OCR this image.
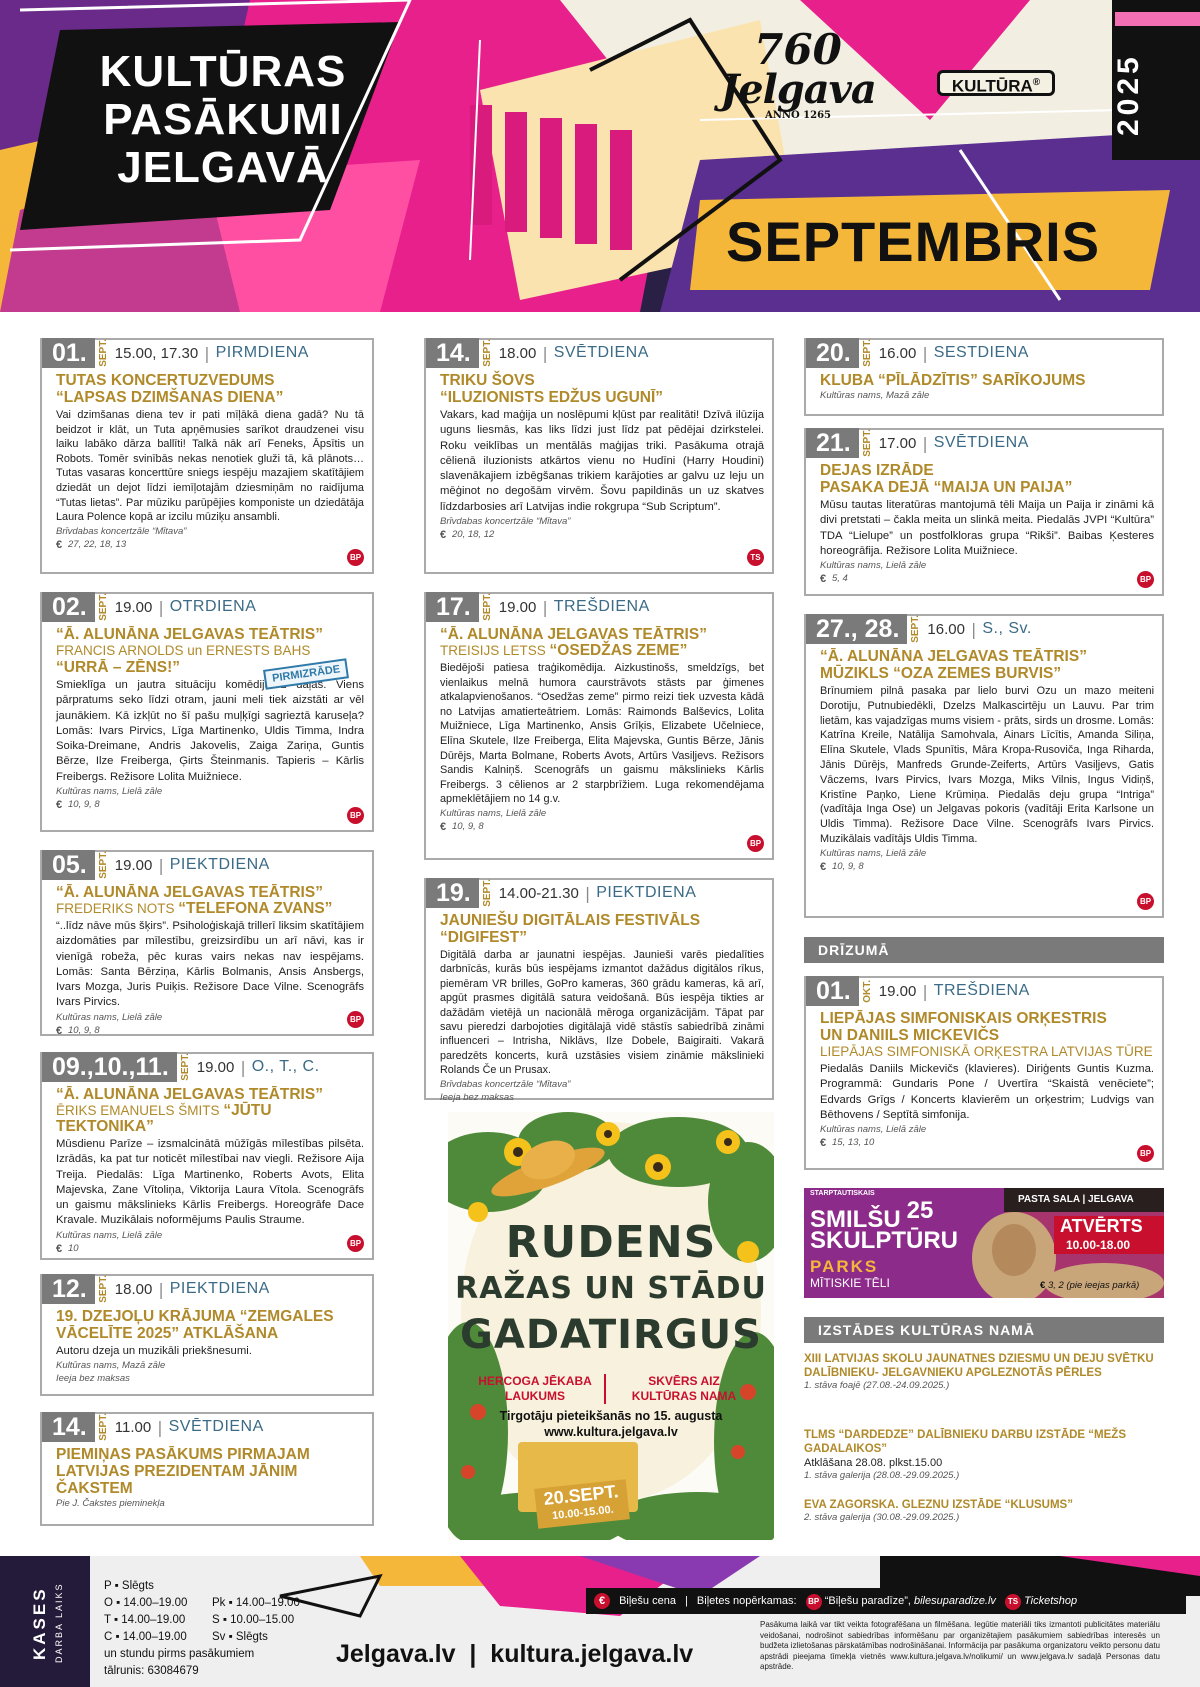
KULTŪRAS
PASĀKUMI
JELGAVĀ
760
Jelgava
ANNO 1265
KULTŪRA®	2025
SEPTEMBRIS
01.	SEPT. 15.00, 17.30 | PIRMDIENA
TUTAS KONCERTUZVEDUMS
“LAPSAS DZIMŠANAS DIENA”
Vai dzimšanas diena tev ir pati mīļākā diena gadā? Nu tā beidzot ir klāt, un Tuta apņēmusies sarīkot draudzenei visu laiku labāko dārza ballīti! Talkā nāk arī Feneks, Āpsītis un Robots. Tomēr svinībās nekas nenotiek gluži tā, kā plānots… Tutas vasaras koncerttūre sniegs iespēju mazajiem skatītājiem dziedāt un dejot līdzi iemīļotajām dziesmiņām no raidījuma “Tutas lietas”. Par mūziku parūpējies komponiste un dziedātāja Laura Polence kopā ar izcilu mūziķu ansambli.
Brīvdabas koncertzāle “Mītava”
€ 27, 22, 18, 13
BP
02.	SEPT. 19.00 | OTRDIENA
“Ā. ALUNĀNA JELGAVAS TEĀTRIS”
FRANCIS ARNOLDS un ERNESTS BAHS
“URRĀ – ZĒNS!”	PIRMIZRĀDE
Smieklīga un jautra situāciju komēdija 2 daļās. Viens pārpratums seko līdzi otram, jauni meli tiek aizstāti ar vēl jaunākiem. Kā izkļūt no šī pašu muļķīgi sagrieztā karuseļa? Lomās: Ivars Pirvics, Līga Martinenko, Uldis Timma, Indra Soika-Dreimane, Andris Jakovelis, Zaiga Zariņa, Guntis Bērze, Ilze Freiberga, Ģirts Šteinmanis. Tapieris – Kārlis Freibergs. Režisore Lolita Muižniece.
Kultūras nams, Lielā zāle
€ 10, 9, 8
BP
05.	SEPT. 19.00 | PIEKTDIENA
“Ā. ALUNĀNA JELGAVAS TEĀTRIS”
FREDERIKS NOTS “TELEFONA ZVANS”
“..līdz nāve mūs šķirs”. Psiholoģiskajā trillerī liksim skatītājiem aizdomāties par mīlestību, greizsirdību un arī nāvi, kas ir vienīgā robeža, pēc kuras vairs nekas nav iespējams. Lomās: Santa Bērziņa, Kārlis Bolmanis, Ansis Ansbergs, Ivars Mozga, Juris Puiķis. Režisore Dace Vilne. Scenogrāfs Ivars Pirvics.
Kultūras nams, Lielā zāle
€ 10, 9, 8
BP
09.,10.,11.	SEPT. 19.00 | O., T., C.
“Ā. ALUNĀNA JELGAVAS TEĀTRIS”
ĒRIKS EMANUELS ŠMITS “JŪTU TEKTONIKA”
Mūsdienu Parīze – izsmalcinātā mūžīgās mīlestības pilsēta. Izrādās, ka pat tur noticēt mīlestībai nav viegli. Režisore Aija Treija. Piedalās: Līga Martinenko, Roberts Avots, Elita Majevska, Zane Vītoliņa, Viktorija Laura Vītola. Scenogrāfs un gaismu mākslinieks Kārlis Freibergs. Horeogrāfe Dace Kravale. Muzikālais noformējums Paulis Straume.
Kultūras nams, Lielā zāle
€ 10	BP
12.	SEPT. 18.00 | PIEKTDIENA
19. DZEJOĻU KRĀJUMA “ZEMGALES VĀCELĪTE 2025” ATKLĀŠANA
Autoru dzeja un muzikāli priekšnesumi.
Kultūras nams, Mazā zāle
Ieeja bez maksas
14.	SEPT. 11.00 | SVĒTDIENA
PIEMIŅAS PASĀKUMS PIRMAJAM LATVIJAS PREZIDENTAM JĀNIM ČAKSTEM
Pie J. Čakstes pieminekļa
14.	SEPT. 18.00 | SVĒTDIENA
TRIKU ŠOVS
“ILUZIONISTS EDŽUS UGUNĪ”
Vakars, kad maģija un noslēpumi kļūst par realitāti! Dzīvā ilūzija uguns liesmās, kas liks līdzi just līdz pat pēdējai dzirkstelei. Roku veiklības un mentālās maģijas triki. Pasākuma otrajā cēlienā iluzionists atkārtos vienu no Hudīni (Harry Houdini) slavenākajiem izbēgšanas trikiem karājoties ar galvu uz leju un mēģinot no degošām virvēm. Šovu papildinās un uz skatves līdzdarbosies arī Latvijas indie rokgrupa “Sub Scriptum”.
Brīvdabas koncertzāle “Mītava”
€ 20, 18, 12
TS
17.	SEPT. 19.00 | TREŠDIENA
“Ā. ALUNĀNA JELGAVAS TEĀTRIS”
TREISIJS LETSS “OSEDŽAS ZEME”
Biedējoši patiesa traģikomēdija. Aizkustinošs, smeldzīgs, bet vienlaikus melnā humora caurstrāvots stāsts par ģimenes atkalapvienošanos. “Osedžas zeme” pirmo reizi tiek uzvesta kādā no Latvijas amatierteātriem. Lomās: Raimonds Balševics, Lolita Muižniece, Līga Martinenko, Ansis Grīķis, Elizabete Učelniece, Elīna Skutele, Ilze Freiberga, Elita Majevska, Guntis Bērze, Jānis Dūrējs, Marta Bolmane, Roberts Avots, Artūrs Vasiļjevs. Režisors Sandis Kalniņš. Scenogrāfs un gaismu mākslinieks Kārlis Freibergs. 3 cēlienos ar 2 starpbrīžiem. Luga rekomendējama apmeklētājiem no 14 g.v.
Kultūras nams, Lielā zāle
€ 10, 9, 8
BP
19.	SEPT. 14.00-21.30 | PIEKTDIENA
JAUNIEŠU DIGITĀLAIS FESTIVĀLS
“DIGIFEST”
Digitālā darba ar jaunatni iespējas. Jaunieši varēs piedalīties darbnīcās, kurās būs iespējams izmantot dažādus digitālos rīkus, piemēram VR brilles, GoPro kameras, 360 grādu kameras, kā arī, apgūt prasmes digitālā satura veidošanā. Būs iespēja tikties ar dažādām vietējā un nacionālā mēroga organizācijām. Tāpat par savu pieredzi darbojoties digitālajā vidē stāstīs sabiedrībā zināmi influenceri – Intrisha, Niklāvs, Ilze Dobele, Baigiraiti. Vakarā paredzēts koncerts, kurā uzstāsies visiem zināmie mākslinieki Rolands Če un Prusax.
Brīvdabas koncertzāle “Mītava”
Ieeja bez maksas
RUDENS
RAŽAS UN STĀDU
GADATIRGUS
HERCOGA JĒKABA
LAUKUMS
SKVĒRS AIZ
KULTŪRAS NAMA
Tirgotāju pieteikšanās no 15. augusta
www.kultura.jelgava.lv
20.SEPT.
10.00-15.00.
20.	SEPT. 16.00 | SESTDIENA
KLUBA “PĪLĀDZĪTIS” SARĪKOJUMS
Kultūras nams, Mazā zāle
21.	SEPT. 17.00 | SVĒTDIENA
DEJAS IZRĀDE
PASAKA DEJĀ “MAIJA UN PAIJA”
Mūsu tautas literatūras mantojumā tēli Maija un Paija ir zināmi kā divi pretstati – čakla meita un slinkā meita. Piedalās JVPI “Kultūra” TDA “Lielupe” un postfolkloras grupa “Rikši”. Baibas Ķesteres horeogrāfija. Režisore Lolita Muižniece.
Kultūras nams, Lielā zāle
€ 5, 4	BP
27., 28.	SEPT. 16.00 | S., Sv.
“Ā. ALUNĀNA JELGAVAS TEĀTRIS”
MŪZIKLS “OZA ZEMES BURVIS”
Brīnumiem pilnā pasaka par lielo burvi Ozu un mazo meiteni Dorotiju, Putnubiedēkli, Dzelzs Malkascirtēju un Lauvu. Par trim lietām, kas vajadzīgas mums visiem - prāts, sirds un drosme. Lomās: Katrīna Kreile, Natālija Samohvala, Ainars Līcītis, Amanda Siliņa, Elīna Skutele, Vlads Spunītis, Māra Kropa-Rusoviča, Inga Riharda, Jānis Dūrējs, Manfreds Grunde-Zeiferts, Artūrs Vasiļjevs, Gatis Vāczems, Ivars Pirvics, Ivars Mozga, Miks Vilnis, Ingus Vidiņš, Kristīne Paņko, Liene Krūmiņa. Piedalās deju grupa “Intriga” (vadītāja Inga Ose) un Jelgavas pokoris (vadītāji Erita Karlsone un Uldis Timma). Režisore Dace Vilne. Scenogrāfs Ivars Pirvics. Muzikālais vadītājs Uldis Timma.
Kultūras nams, Lielā zāle
€ 10, 9, 8
BP
DRĪZUMĀ
01.	OKT. 19.00 | TREŠDIENA
LIEPĀJAS SIMFONISKAIS ORĶESTRIS UN DANIILS MICKEVIČS
LIEPĀJAS SIMFONISKĀ ORĶESTRA LATVIJAS TŪRE
Piedalās Daniils Mickevičs (klavieres). Diriģents Guntis Kuzma. Programmā: Gundaris Pone / Uvertīra “Skaistā venēciete”; Edvards Grīgs / Koncerts klavierēm un orķestrim; Ludvigs van Bēthovens / Septītā simfonija.
Kultūras nams, Lielā zāle
€ 15, 13, 10
BP
STARPTAUTISKAIS
SMILŠU $^{25}$
SKULPTŪRU
PARKS
MĪTISKIE TĒLI
PASTA SALA | JELGAVA
ATVĒRTS
10.00-18.00
€ 3, 2 (pie ieejas parkā)
IZSTĀDES KULTŪRAS NAMĀ
XIII LATVIJAS SKOLU JAUNATNES DZIESMU UN DEJU SVĒTKU DALĪBNIEKU- JELGAVNIEKU APGLEZNOTĀS PĒRLES
1. stāva foajē (27.08.-24.09.2025.)
TLMS “DARDEDZE” DALĪBNIEKU DARBU IZSTĀDE “MEŽS GADALAIKOS”
Atklāšana 28.08. plkst.15.00
1. stāva galerija (28.08.-29.09.2025.)
EVA ZAGORSKA. GLEZNU IZSTĀDE “KLUSUMS”
2. stāva galerija (30.08.-29.09.2025.)
KASES DARBA LAIKS	P ▪ Slēgts
O ▪ 14.00–19.00 Pk ▪ 14.00–19.00
T ▪ 14.00–19.00 S ▪ 10.00–15.00
C ▪ 14.00–19.00 Sv ▪ Slēgts
un stundu pirms pasākumiem
tālrunis: 63084679
Jelgava.lv  |  kultura.jelgava.lv
€ Biļešu cena | Biļetes nopērkamas: BP “Biļešu paradīze”, bilesuparadize.lv TS Ticketshop
Pasākuma laikā var tikt veikta fotografēšana un filmēšana. Iegūtie materiāli tiks izmantoti publicitātes materiālu veidošanai, nodrošinot sabiedrības informēšanu par organizētajiem pasākumiem sabiedrības interesēs un budžeta izlietošanas pārskatāmības nodrošināšanai. Informācija par pasākuma organizatoru veikto personu datu apstrādi pieejama tīmekļa vietnēs www.kultura.jelgava.lv/nolikumi/ un www.jelgava.lv sadaļā Personas datu apstrāde.
